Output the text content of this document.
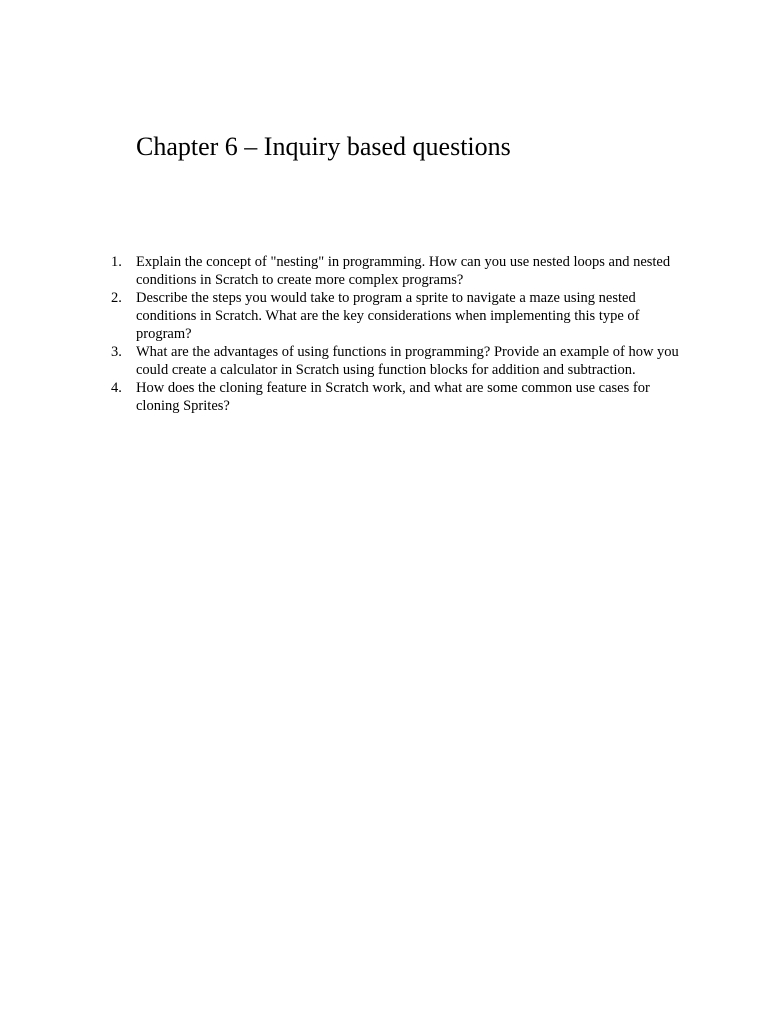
Chapter 6 – Inquiry based questions
1. Explain the concept of "nesting" in programming. How can you use nested loops and nested conditions in Scratch to create more complex programs?
2. Describe the steps you would take to program a sprite to navigate a maze using nested conditions in Scratch. What are the key considerations when implementing this type of program?
3. What are the advantages of using functions in programming? Provide an example of how you could create a calculator in Scratch using function blocks for addition and subtraction.
4. How does the cloning feature in Scratch work, and what are some common use cases for cloning Sprites?
